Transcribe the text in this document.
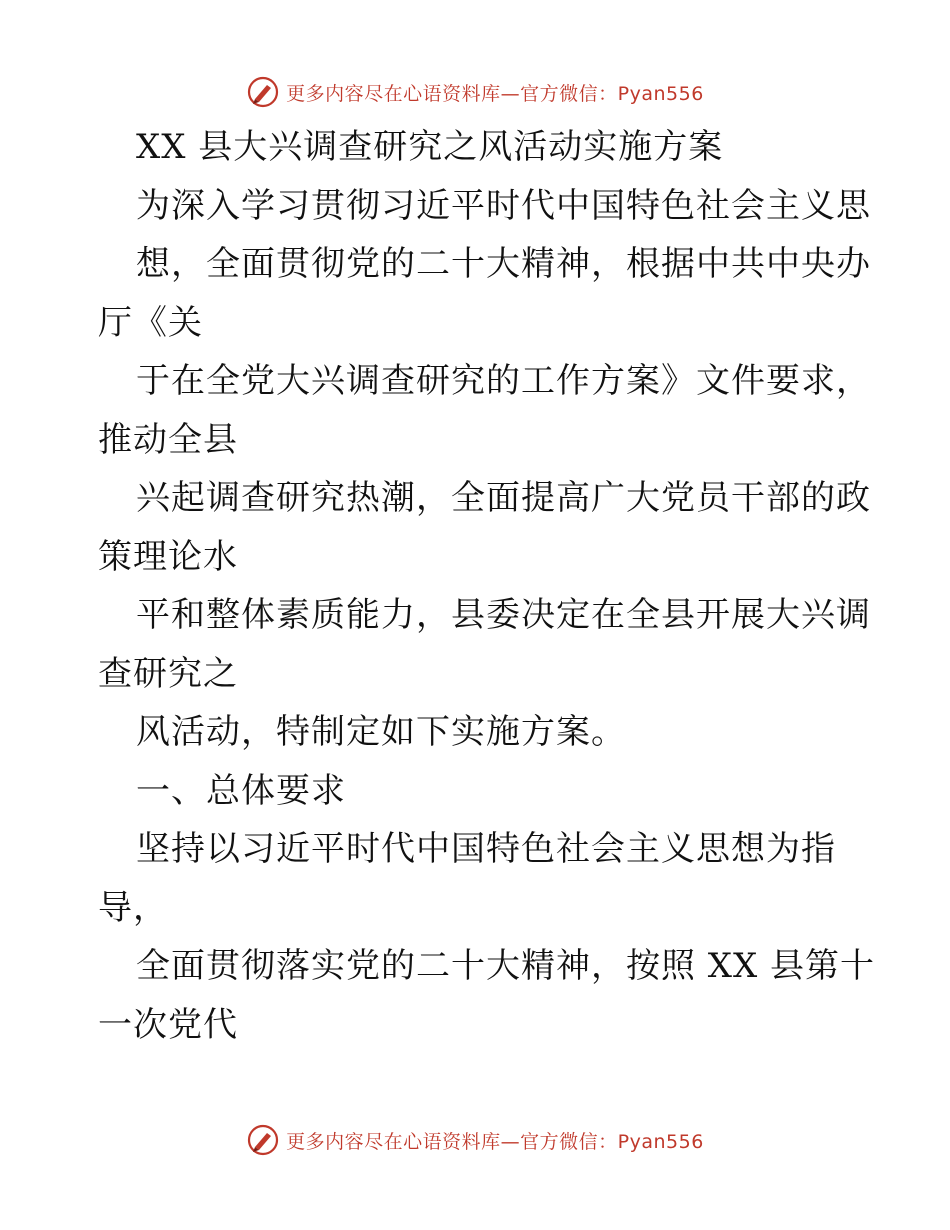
更多内容尽在心语资料库—官方微信：Pyan556
XX 县大兴调查研究之风活动实施方案
为深入学习贯彻习近平时代中国特色社会主义思
想，全面贯彻党的二十大精神，根据中共中央办
厅《关
于在全党大兴调查研究的工作方案》文件要求，
推动全县
兴起调查研究热潮，全面提高广大党员干部的政
策理论水
平和整体素质能力，县委决定在全县开展大兴调
查研究之
风活动，特制定如下实施方案。
一、总体要求
坚持以习近平时代中国特色社会主义思想为指
导，
全面贯彻落实党的二十大精神，按照 XX 县第十
一次党代
更多内容尽在心语资料库—官方微信：Pyan556
